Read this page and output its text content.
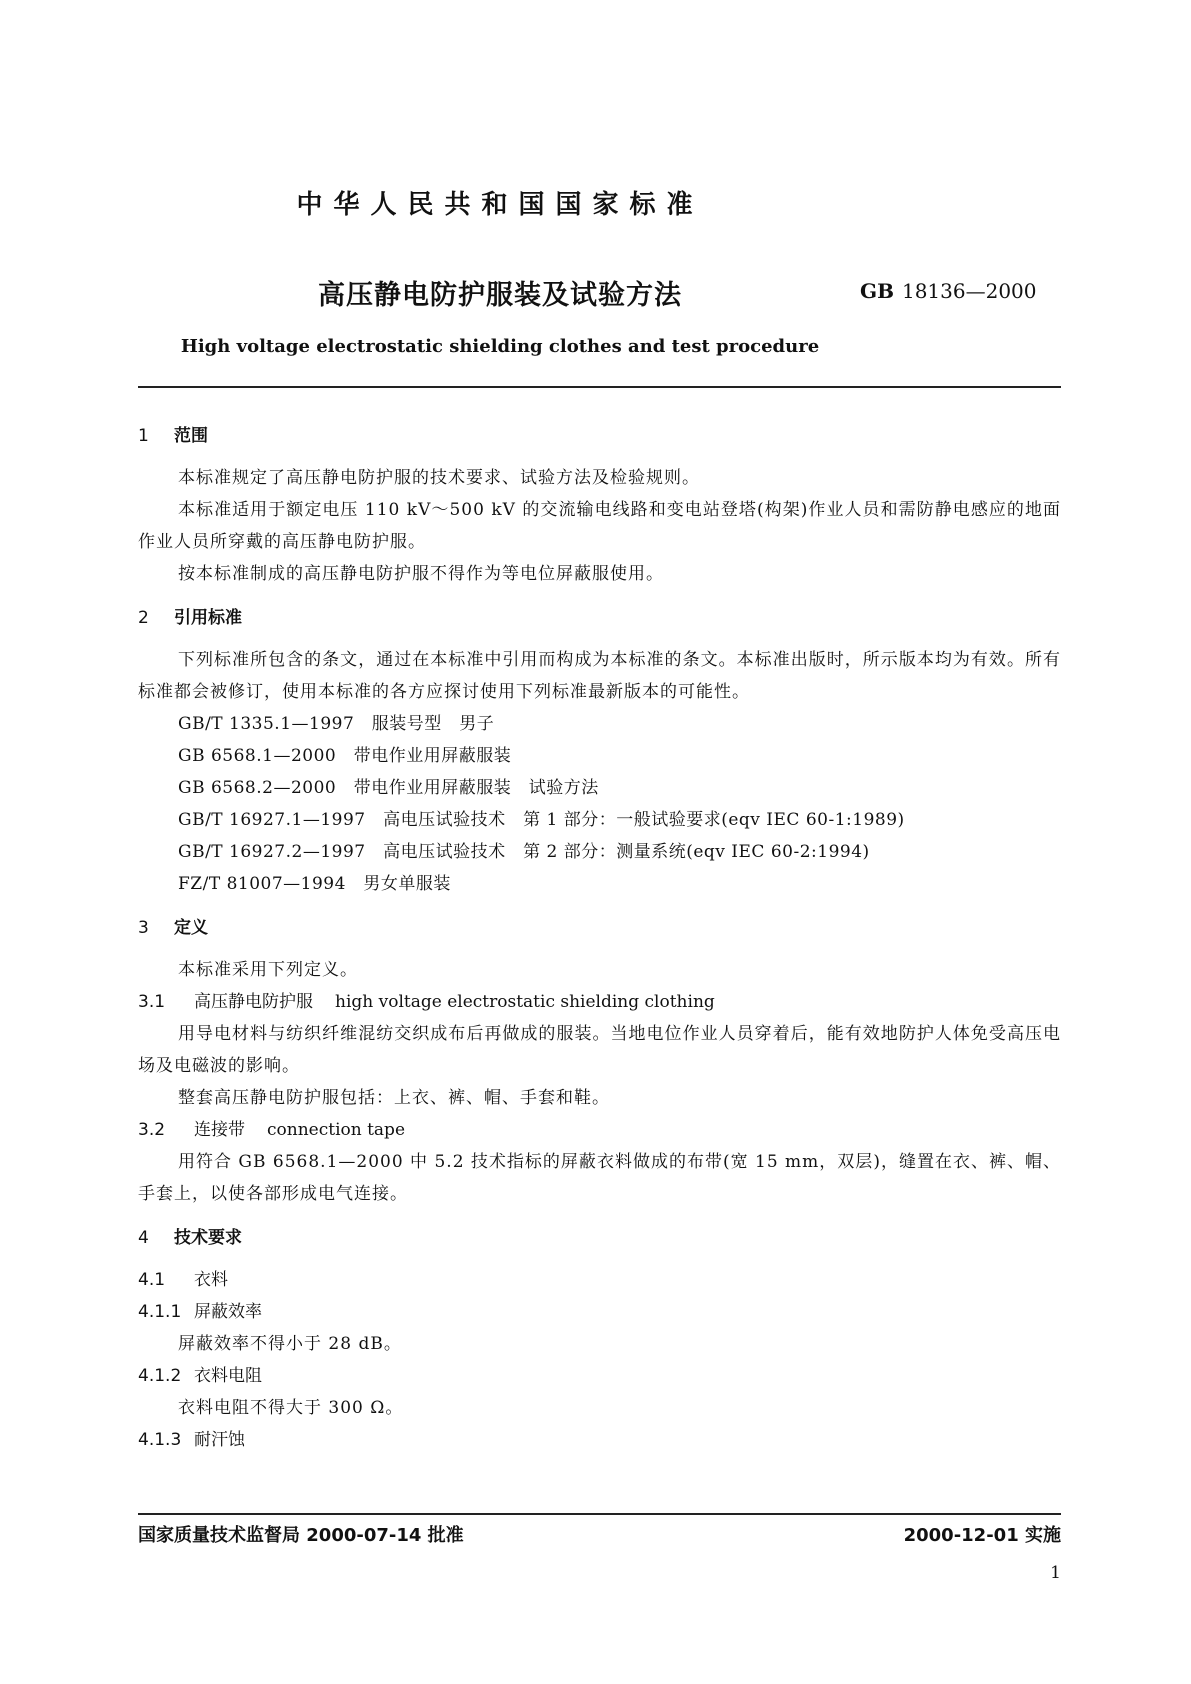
中华人民共和国国家标准
高压静电防护服装及试验方法	GB 18136—2000
High voltage electrostatic shielding clothes and test procedure
1 范围

本标准规定了高压静电防护服的技术要求、试验方法及检验规则。

本标准适用于额定电压 110 kV～500 kV 的交流输电线路和变电站登塔(构架)作业人员和需防静电感应的地面作业人员所穿戴的高压静电防护服。

按本标准制成的高压静电防护服不得作为等电位屏蔽服使用。

2 引用标准

下列标准所包含的条文，通过在本标准中引用而构成为本标准的条文。本标准出版时，所示版本均为有效。所有标准都会被修订，使用本标准的各方应探讨使用下列标准最新版本的可能性。

GB/T 1335.1—1997　服装号型　男子

GB 6568.1—2000　带电作业用屏蔽服装

GB 6568.2—2000　带电作业用屏蔽服装　试验方法

GB/T 16927.1—1997　高电压试验技术　第 1 部分：一般试验要求(eqv IEC 60-1:1989)

GB/T 16927.2—1997　高电压试验技术　第 2 部分：测量系统(eqv IEC 60-2:1994)

FZ/T 81007—1994　男女单服装

3 定义

本标准采用下列定义。

3.1 高压静电防护服 high voltage electrostatic shielding clothing

用导电材料与纺织纤维混纺交织成布后再做成的服装。当地电位作业人员穿着后，能有效地防护人体免受高压电场及电磁波的影响。

整套高压静电防护服包括：上衣、裤、帽、手套和鞋。

3.2 连接带 connection tape

用符合 GB 6568.1—2000 中 5.2 技术指标的屏蔽衣料做成的布带(宽 15 mm，双层)，缝置在衣、裤、帽、手套上，以使各部形成电气连接。

4 技术要求

4.1 衣料

4.1.1 屏蔽效率

屏蔽效率不得小于 28 dB。

4.1.2 衣料电阻

衣料电阻不得大于 300 Ω。

4.1.3 耐汗蚀

国家质量技术监督局 2000-07-14 批准	2000-12-01 实施
1
